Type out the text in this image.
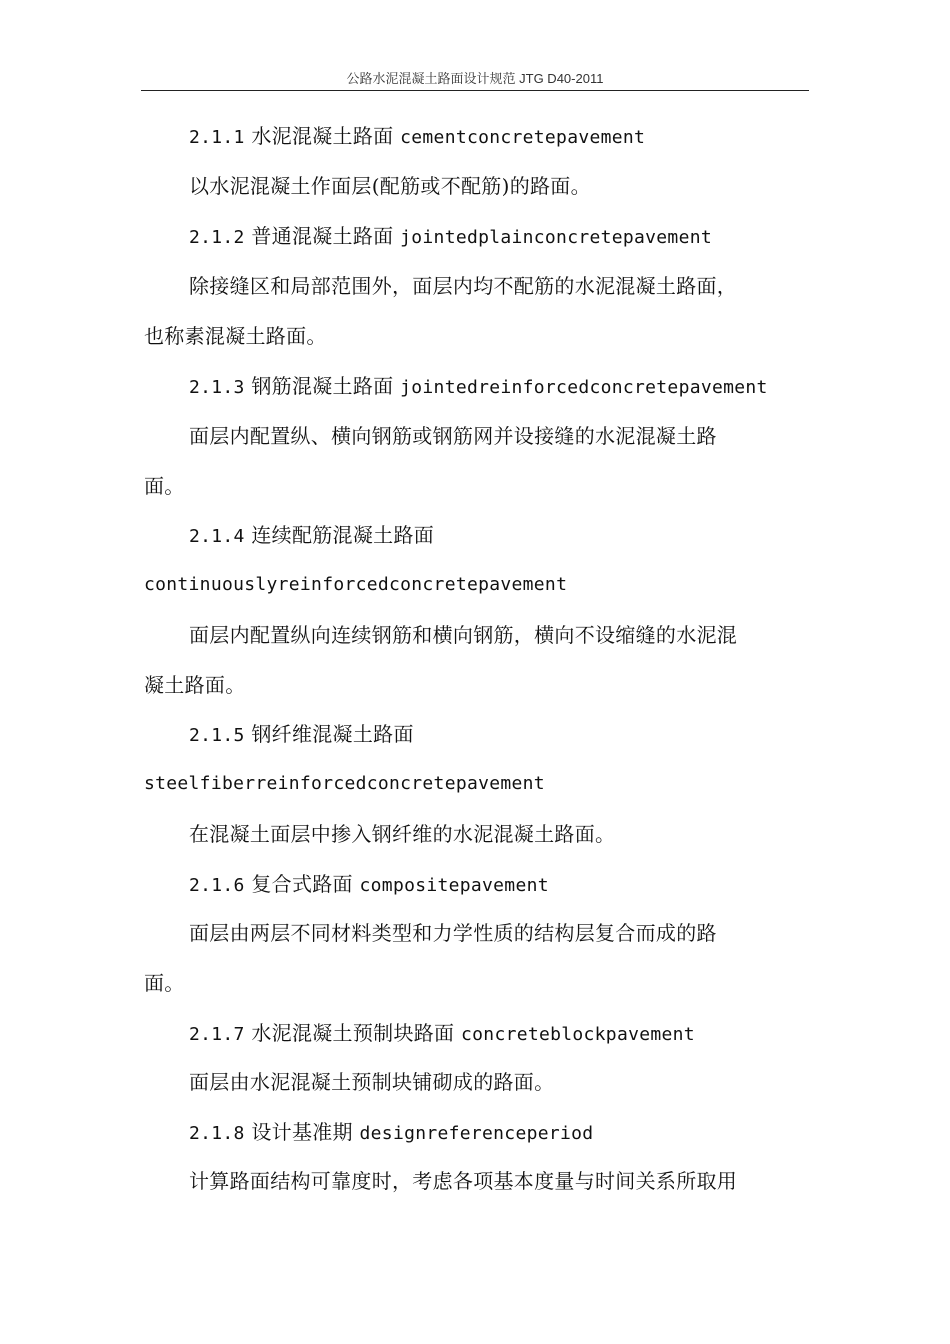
公路水泥混凝土路面设计规范 JTG D40-2011

2.1.1 水泥混凝土路面 cementconcretepavement

以水泥混凝土作面层(配筋或不配筋)的路面。

2.1.2 普通混凝土路面 jointedplainconcretepavement

除接缝区和局部范围外，面层内均不配筋的水泥混凝土路面，

也称素混凝土路面。

2.1.3 钢筋混凝土路面 jointedreinforcedconcretepavement

面层内配置纵、横向钢筋或钢筋网并设接缝的水泥混凝土路

面。

2.1.4 连续配筋混凝土路面

continuouslyreinforcedconcretepavement

面层内配置纵向连续钢筋和横向钢筋，横向不设缩缝的水泥混

凝土路面。

2.1.5 钢纤维混凝土路面

steelfiberreinforcedconcretepavement

在混凝土面层中掺入钢纤维的水泥混凝土路面。

2.1.6 复合式路面 compositepavement

面层由两层不同材料类型和力学性质的结构层复合而成的路

面。

2.1.7 水泥混凝土预制块路面 concreteblockpavement

面层由水泥混凝土预制块铺砌成的路面。

2.1.8 设计基准期 designreferenceperiod

计算路面结构可靠度时，考虑各项基本度量与时间关系所取用
